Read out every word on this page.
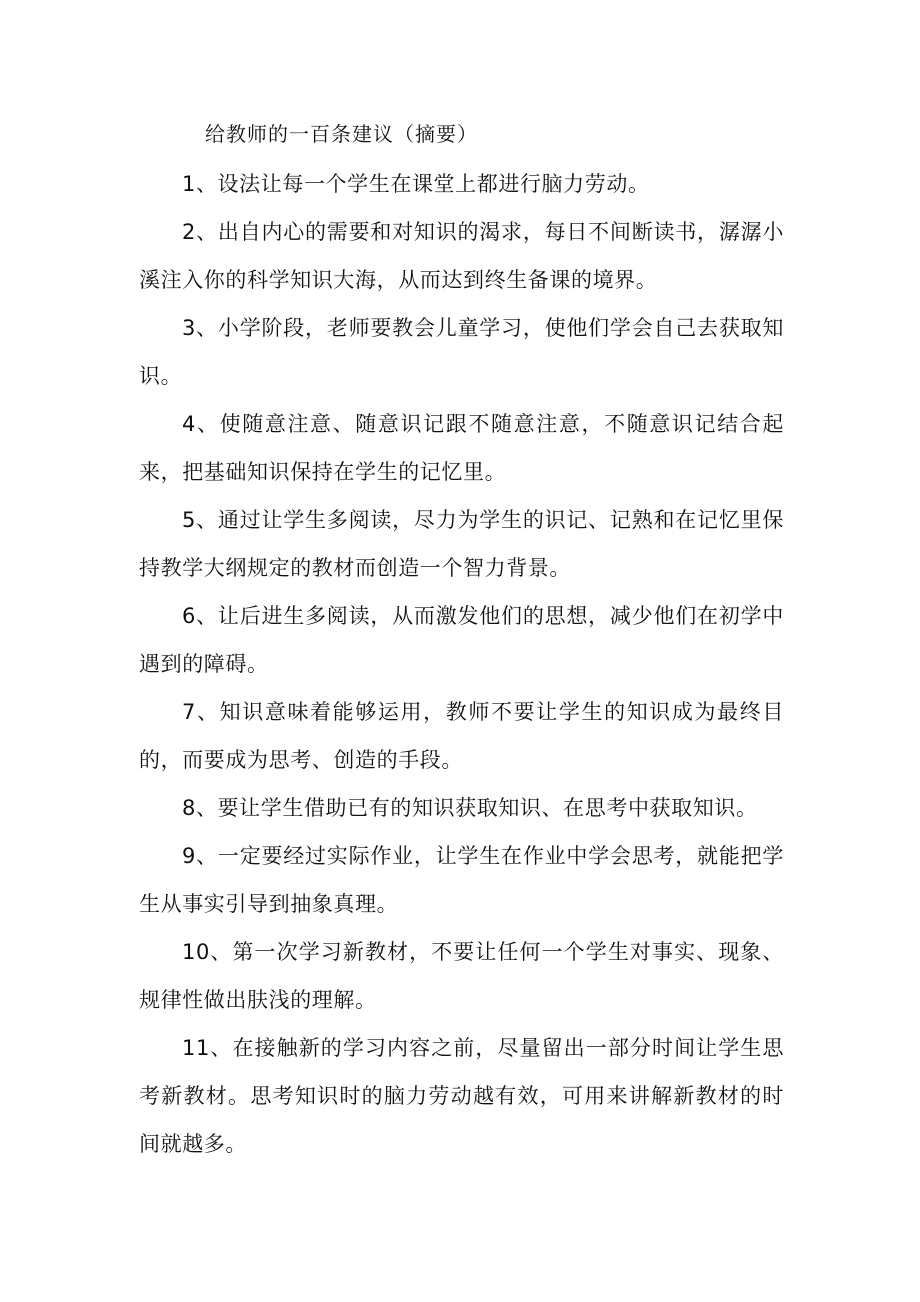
给教师的一百条建议（摘要）

1、设法让每一个学生在课堂上都进行脑力劳动。

2、出自内心的需要和对知识的渴求，每日不间断读书，潺潺小溪注入你的科学知识大海，从而达到终生备课的境界。

3、小学阶段，老师要教会儿童学习，使他们学会自己去获取知识。

4、使随意注意、随意识记跟不随意注意，不随意识记结合起来，把基础知识保持在学生的记忆里。

5、通过让学生多阅读，尽力为学生的识记、记熟和在记忆里保持教学大纲规定的教材而创造一个智力背景。

6、让后进生多阅读，从而激发他们的思想，减少他们在初学中遇到的障碍。

7、知识意味着能够运用，教师不要让学生的知识成为最终目的，而要成为思考、创造的手段。

8、要让学生借助已有的知识获取知识、在思考中获取知识。

9、一定要经过实际作业，让学生在作业中学会思考，就能把学生从事实引导到抽象真理。

10、第一次学习新教材，不要让任何一个学生对事实、现象、规律性做出肤浅的理解。

11、在接触新的学习内容之前，尽量留出一部分时间让学生思考新教材。思考知识时的脑力劳动越有效，可用来讲解新教材的时间就越多。
